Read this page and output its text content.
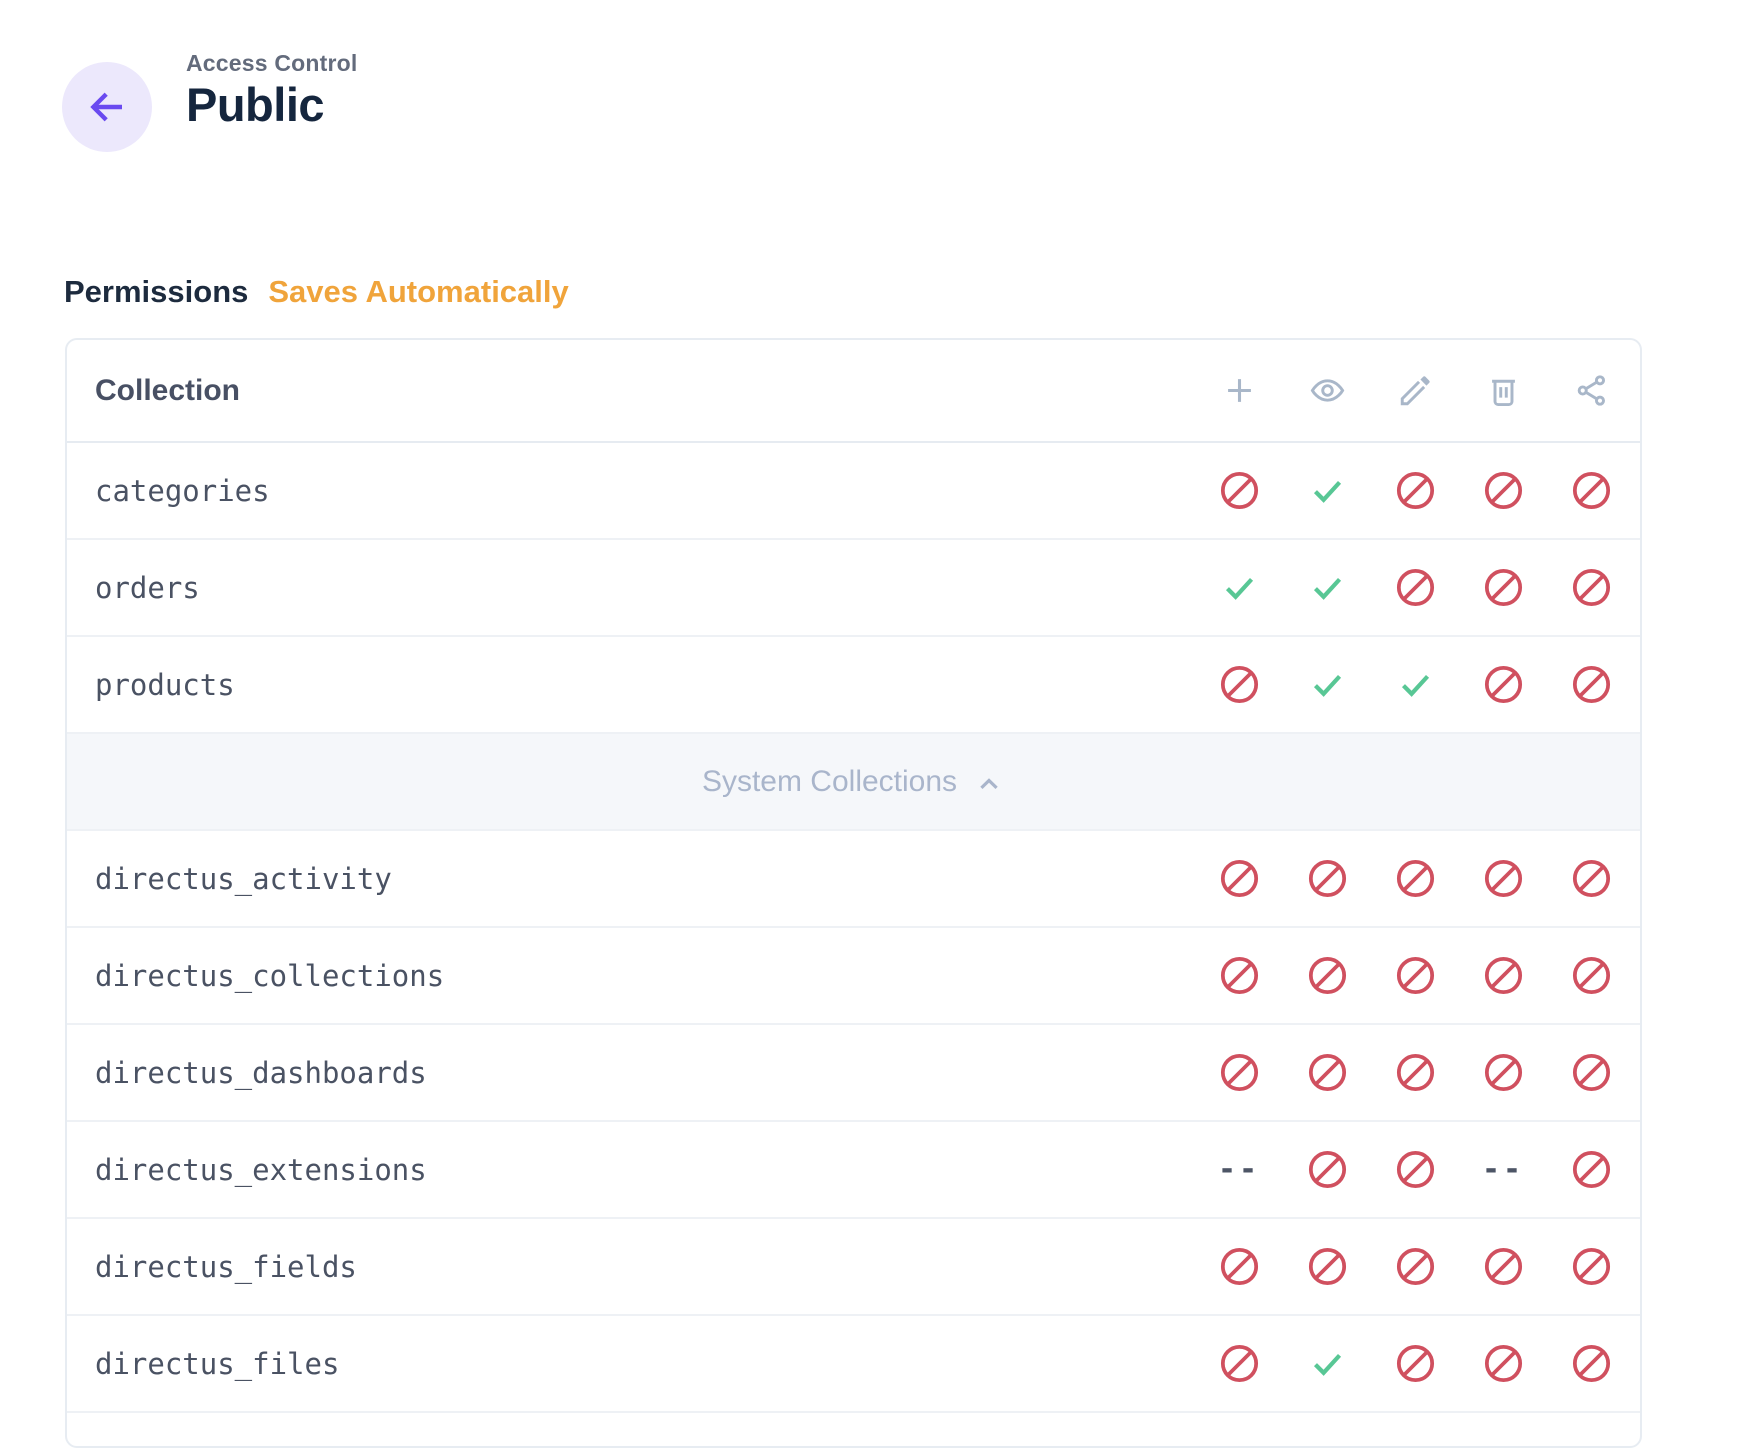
Access Control
Public
Permissions Saves Automatically
Collection
categories
orders
products
System Collections
directus_activity
directus_collections
directus_dashboards
directus_extensions	--	--
directus_fields
directus_files
